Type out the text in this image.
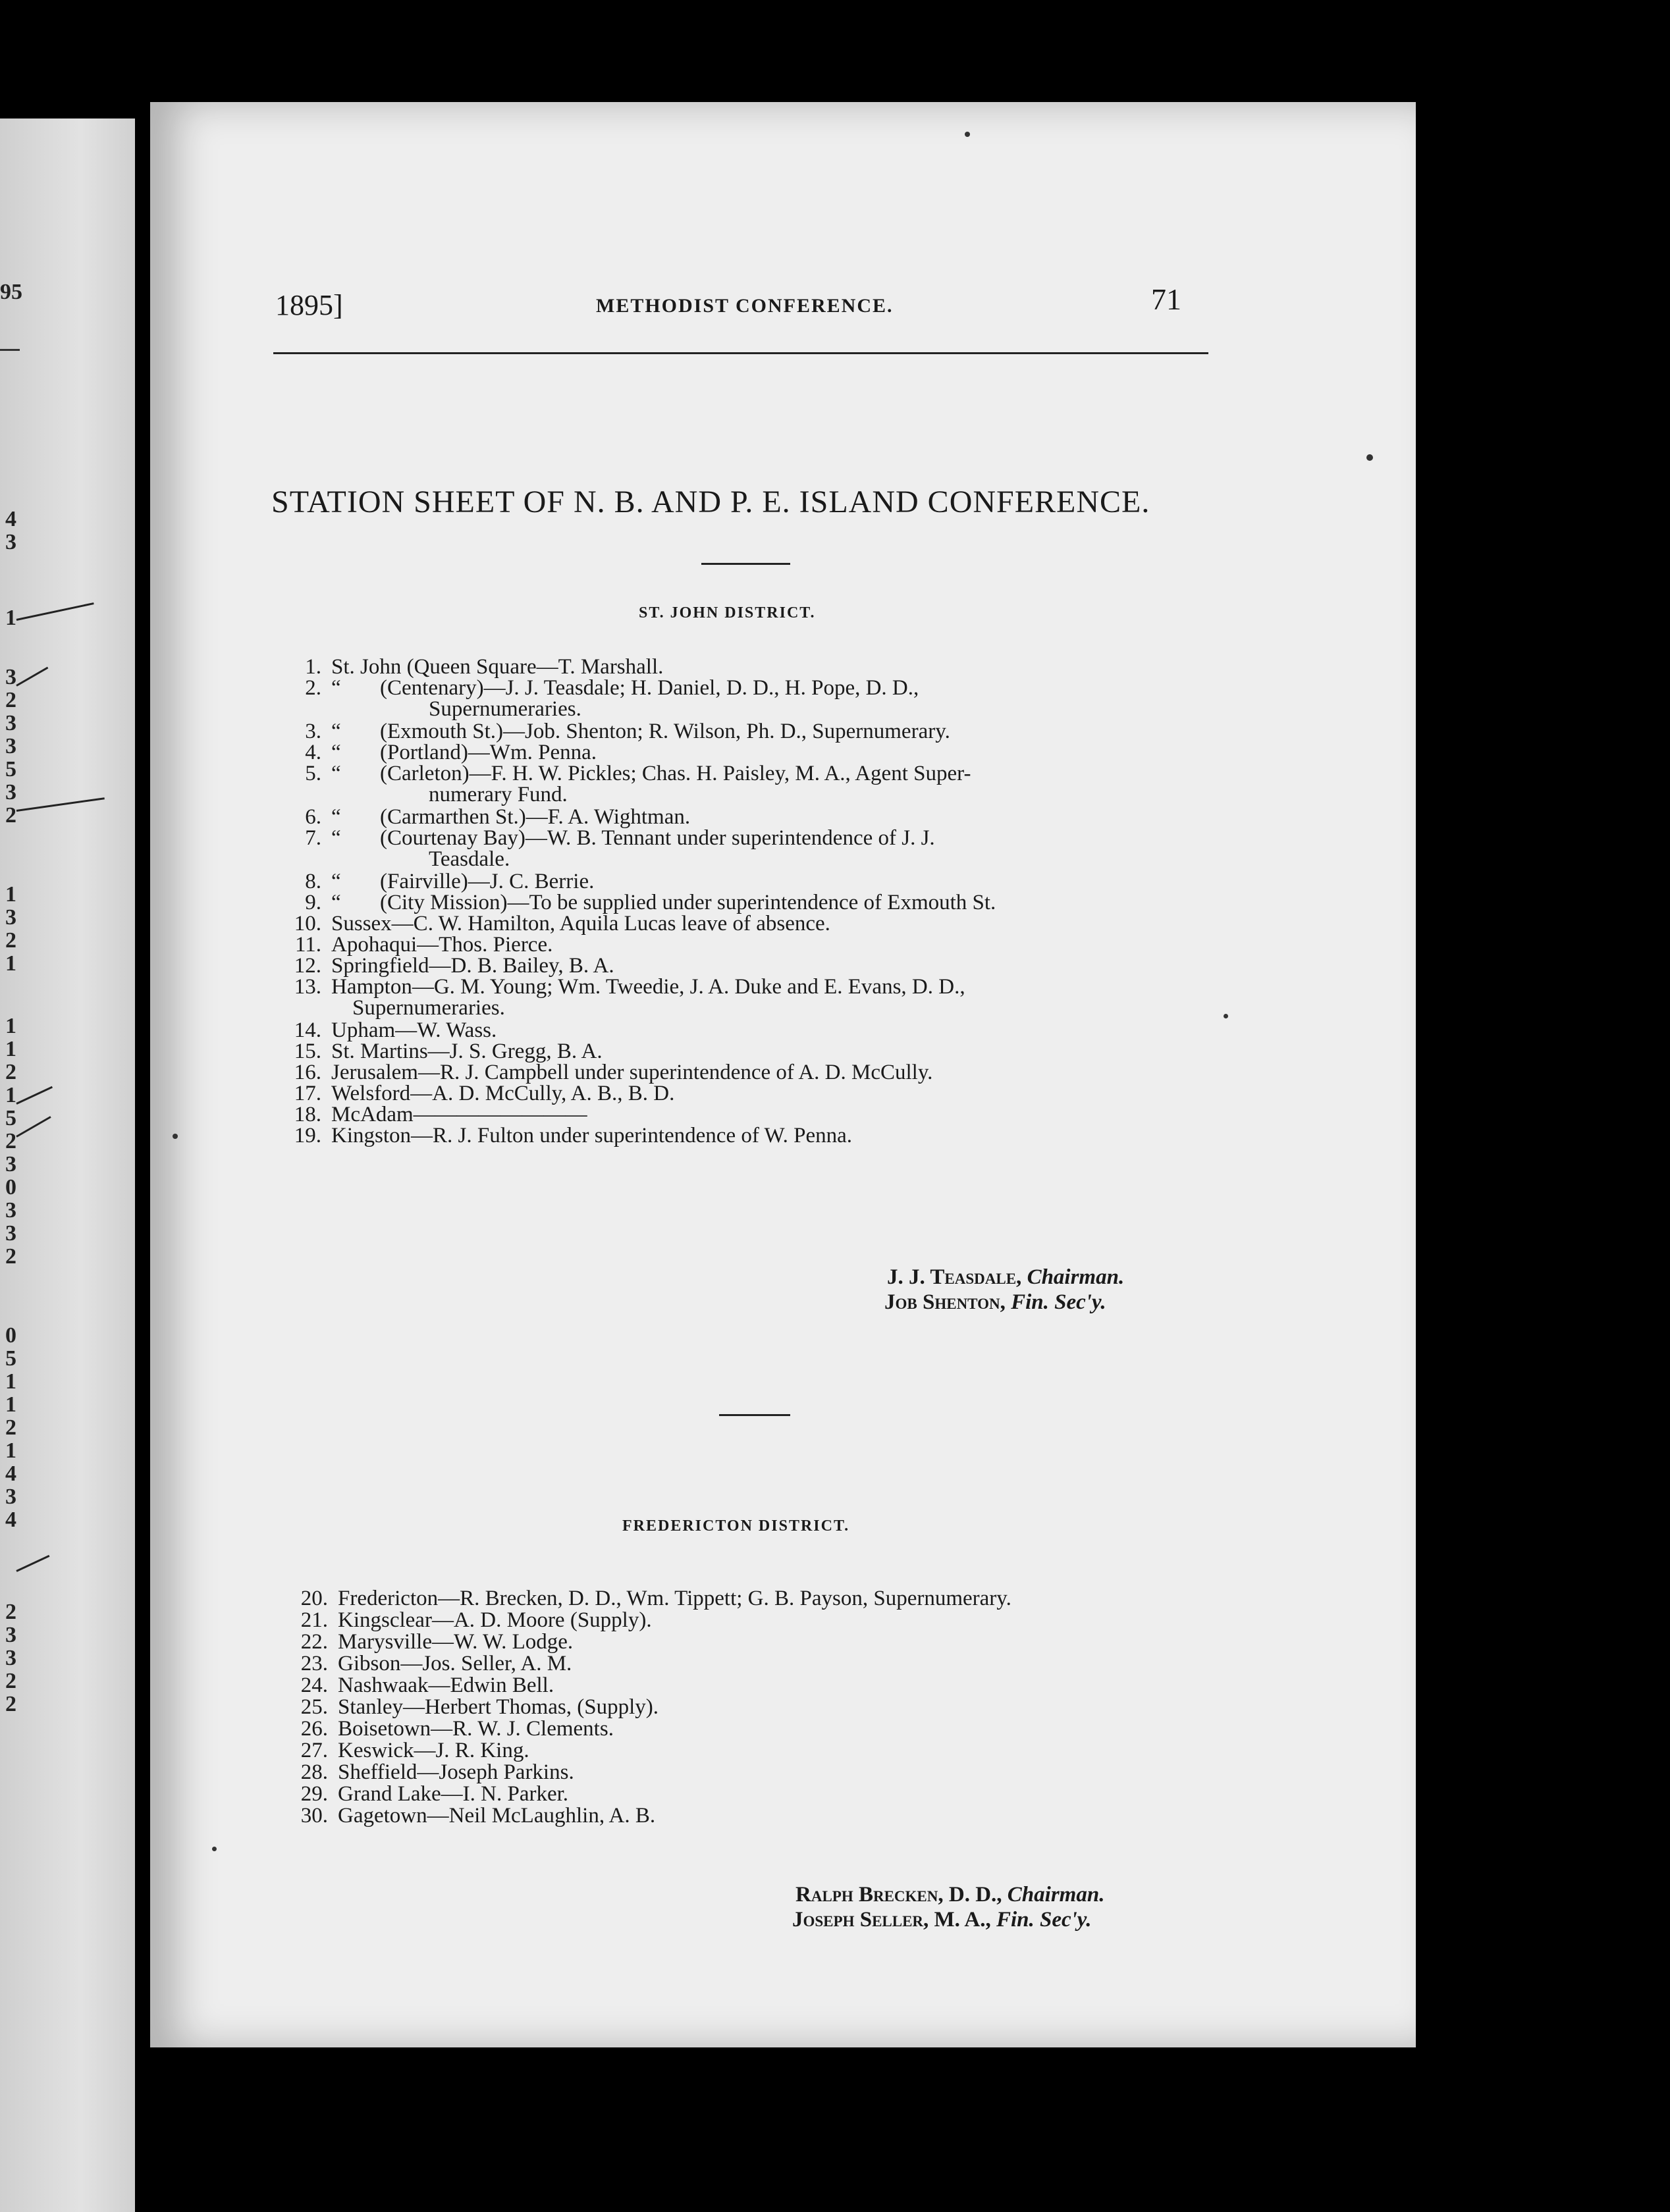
95
4
3
1
3
2
3
3
5
3
2
1
3
2
1
1
1
2
1
5
2
3
0
3
3
2
0
5
1
1
2
1
4
3
4
2
3
3
2
2
1895]	METHODIST CONFERENCE.	71
STATION SHEET OF N. B. AND P. E. ISLAND CONFERENCE.
ST. JOHN DISTRICT.
1. St. John (Queen Square—T. Marshall.
2. “ (Centenary)—J. J. Teasdale; H. Daniel, D. D., H. Pope, D. D.,
Supernumeraries.
3. “ (Exmouth St.)—Job. Shenton; R. Wilson, Ph. D., Supernumerary.
4. “ (Portland)—Wm. Penna.
5. “ (Carleton)—F. H. W. Pickles; Chas. H. Paisley, M. A., Agent Super-
numerary Fund.
6. “ (Carmarthen St.)—F. A. Wightman.
7. “ (Courtenay Bay)—W. B. Tennant under superintendence of J. J.
Teasdale.
8. “ (Fairville)—J. C. Berrie.
9. “ (City Mission)—To be supplied under superintendence of Exmouth St.
10. Sussex—C. W. Hamilton, Aquila Lucas leave of absence.
11. Apohaqui—Thos. Pierce.
12. Springfield—D. B. Bailey, B. A.
13. Hampton—G. M. Young; Wm. Tweedie, J. A. Duke and E. Evans, D. D.,
Supernumeraries.
14. Upham—W. Wass.
15. St. Martins—J. S. Gregg, B. A.
16. Jerusalem—R. J. Campbell under superintendence of A. D. McCully.
17. Welsford—A. D. McCully, A. B., B. D.
18. McAdam————————
19. Kingston—R. J. Fulton under superintendence of W. Penna.
J. J. Teasdale, Chairman.
Job Shenton, Fin. Sec'y.
FREDERICTON DISTRICT.
20. Fredericton—R. Brecken, D. D., Wm. Tippett; G. B. Payson, Supernumerary.
21. Kingsclear—A. D. Moore (Supply).
22. Marysville—W. W. Lodge.
23. Gibson—Jos. Seller, A. M.
24. Nashwaak—Edwin Bell.
25. Stanley—Herbert Thomas, (Supply).
26. Boisetown—R. W. J. Clements.
27. Keswick—J. R. King.
28. Sheffield—Joseph Parkins.
29. Grand Lake—I. N. Parker.
30. Gagetown—Neil McLaughlin, A. B.
Ralph Brecken, D. D., Chairman.
Joseph Seller, M. A., Fin. Sec'y.
